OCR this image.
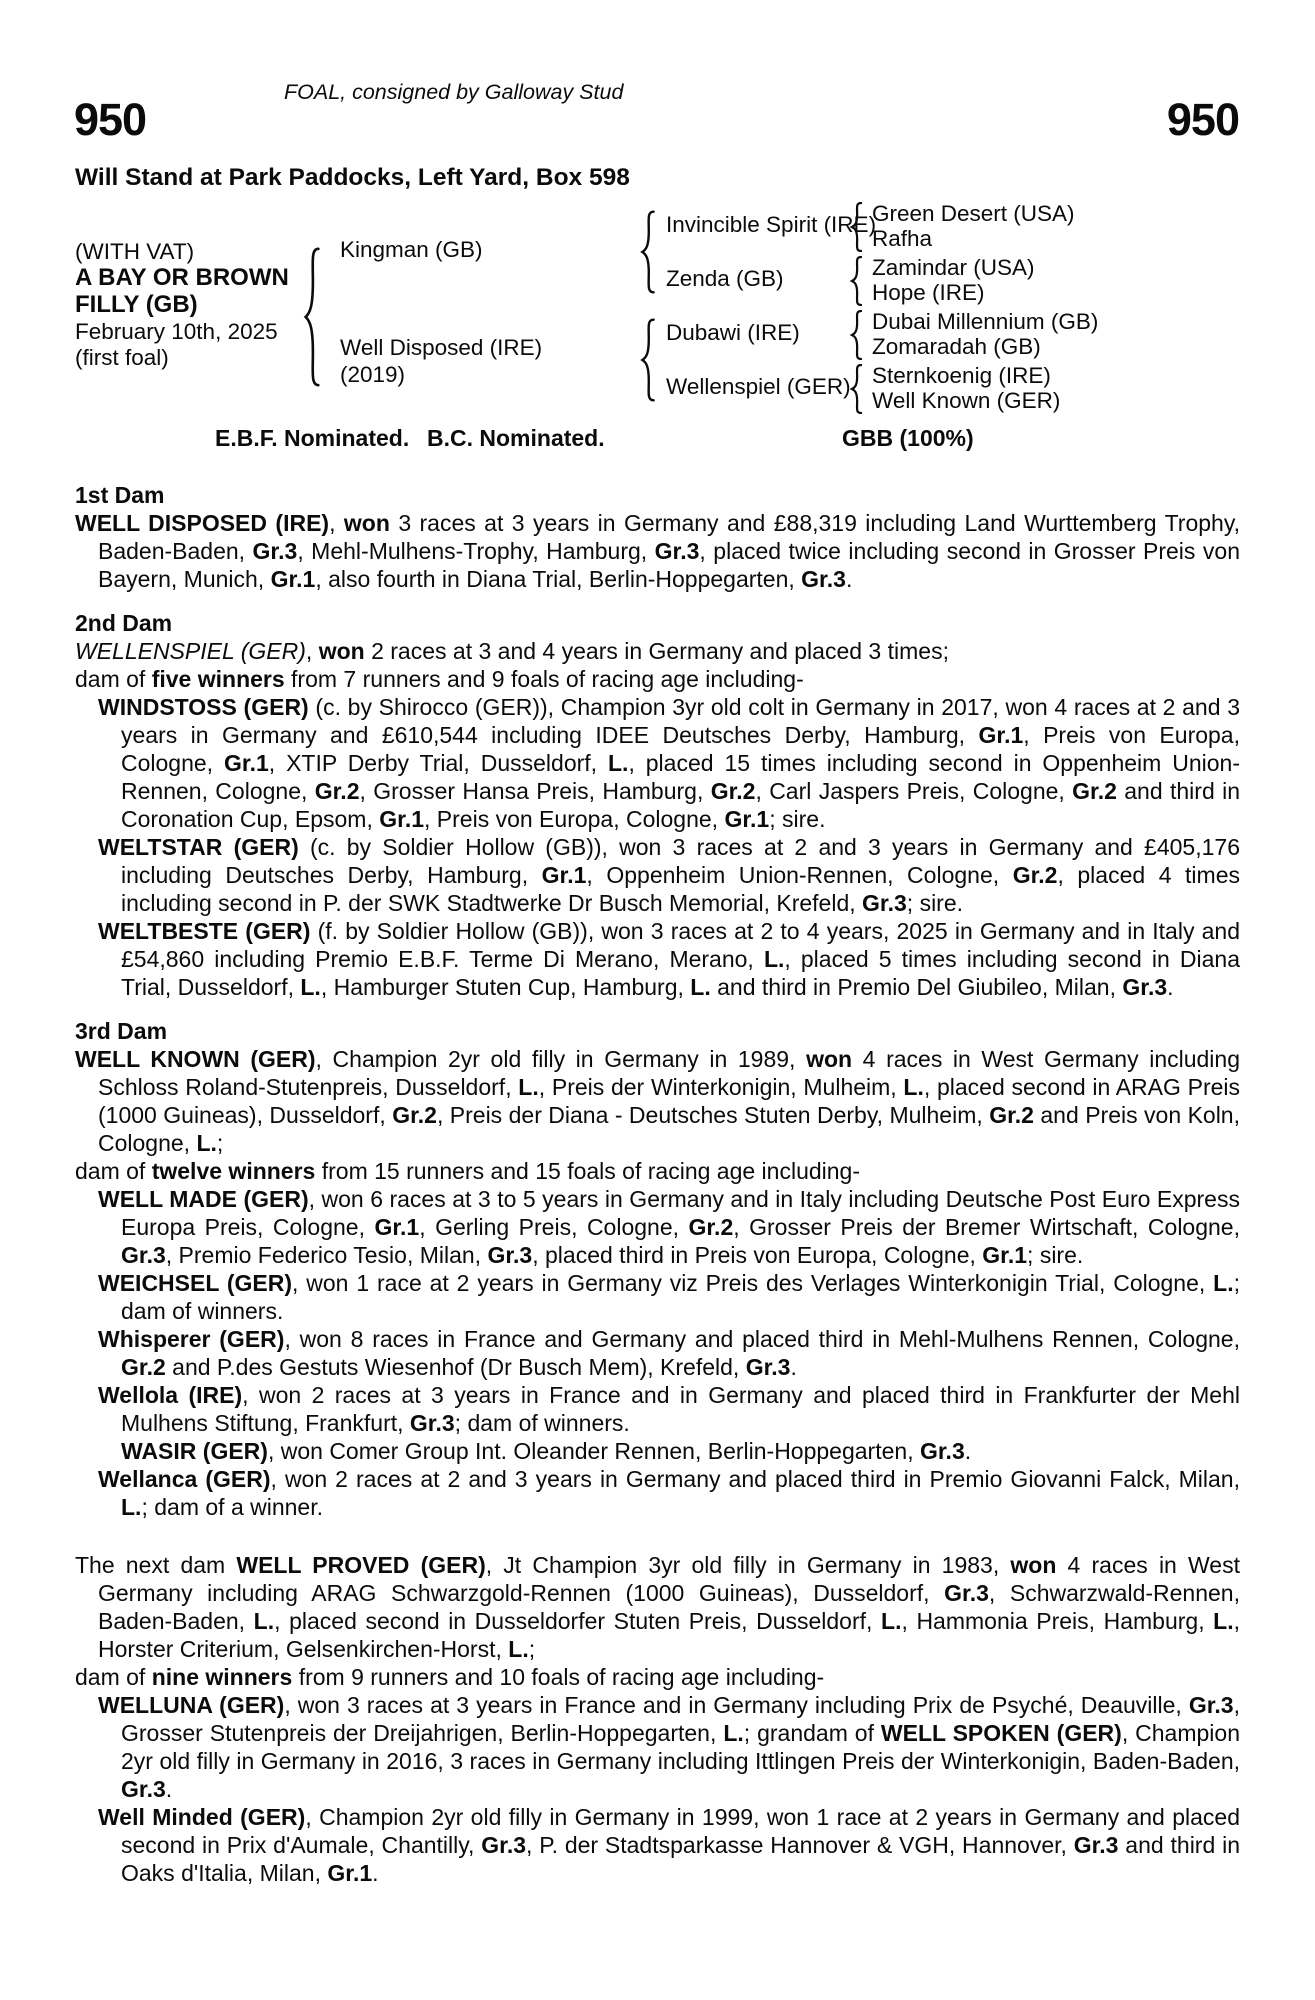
FOAL, consigned by Galloway Stud
950	950
Will Stand at Park Paddocks, Left Yard, Box 598
(WITH VAT)
A BAY OR BROWN FILLY (GB)
February 10th, 2025
(first foal)
Kingman (GB)
Well Disposed (IRE)
(2019)
Invincible Spirit (IRE)
Zenda (GB)
Dubawi (IRE)
Wellenspiel (GER)
Green Desert (USA)
Rafha
Zamindar (USA)
Hope (IRE)
Dubai Millennium (GB)
Zomaradah (GB)
Sternkoenig (IRE)
Well Known (GER)
E.B.F. Nominated. B.C. Nominated.	GBB (100%)
1st Dam

WELL DISPOSED (IRE), won 3 races at 3 years in Germany and £88,319 including Land Wurttemberg Trophy, Baden-Baden, Gr.3, Mehl-Mulhens-Trophy, Hamburg, Gr.3, placed twice including second in Grosser Preis von Bayern, Munich, Gr.1, also fourth in Diana Trial, Berlin-Hoppegarten, Gr.3.

2nd Dam

WELLENSPIEL (GER), won 2 races at 3 and 4 years in Germany and placed 3 times;

dam of five winners from 7 runners and 9 foals of racing age including-

WINDSTOSS (GER) (c. by Shirocco (GER)), Champion 3yr old colt in Germany in 2017, won 4 races at 2 and 3 years in Germany and £610,544 including IDEE Deutsches Derby, Hamburg, Gr.1, Preis von Europa, Cologne, Gr.1, XTIP Derby Trial, Dusseldorf, L., placed 15 times including second in Oppenheim Union-Rennen, Cologne, Gr.2, Grosser Hansa Preis, Hamburg, Gr.2, Carl Jaspers Preis, Cologne, Gr.2 and third in Coronation Cup, Epsom, Gr.1, Preis von Europa, Cologne, Gr.1; sire.

WELTSTAR (GER) (c. by Soldier Hollow (GB)), won 3 races at 2 and 3 years in Germany and £405,176 including Deutsches Derby, Hamburg, Gr.1, Oppenheim Union-Rennen, Cologne, Gr.2, placed 4 times including second in P. der SWK Stadtwerke Dr Busch Memorial, Krefeld, Gr.3; sire.

WELTBESTE (GER) (f. by Soldier Hollow (GB)), won 3 races at 2 to 4 years, 2025 in Germany and in Italy and £54,860 including Premio E.B.F. Terme Di Merano, Merano, L., placed 5 times including second in Diana Trial, Dusseldorf, L., Hamburger Stuten Cup, Hamburg, L. and third in Premio Del Giubileo, Milan, Gr.3.

3rd Dam

WELL KNOWN (GER), Champion 2yr old filly in Germany in 1989, won 4 races in West Germany including Schloss Roland-Stutenpreis, Dusseldorf, L., Preis der Winterkonigin, Mulheim, L., placed second in ARAG Preis (1000 Guineas), Dusseldorf, Gr.2, Preis der Diana - Deutsches Stuten Derby, Mulheim, Gr.2 and Preis von Koln, Cologne, L.;

dam of twelve winners from 15 runners and 15 foals of racing age including-

WELL MADE (GER), won 6 races at 3 to 5 years in Germany and in Italy including Deutsche Post Euro Express Europa Preis, Cologne, Gr.1, Gerling Preis, Cologne, Gr.2, Grosser Preis der Bremer Wirtschaft, Cologne, Gr.3, Premio Federico Tesio, Milan, Gr.3, placed third in Preis von Europa, Cologne, Gr.1; sire.

WEICHSEL (GER), won 1 race at 2 years in Germany viz Preis des Verlages Winterkonigin Trial, Cologne, L.; dam of winners.

Whisperer (GER), won 8 races in France and Germany and placed third in Mehl-Mulhens Rennen, Cologne, Gr.2 and P.des Gestuts Wiesenhof (Dr Busch Mem), Krefeld, Gr.3.

Wellola (IRE), won 2 races at 3 years in France and in Germany and placed third in Frankfurter der Mehl Mulhens Stiftung, Frankfurt, Gr.3; dam of winners.

WASIR (GER), won Comer Group Int. Oleander Rennen, Berlin-Hoppegarten, Gr.3.

Wellanca (GER), won 2 races at 2 and 3 years in Germany and placed third in Premio Giovanni Falck, Milan, L.; dam of a winner.

The next dam WELL PROVED (GER), Jt Champion 3yr old filly in Germany in 1983, won 4 races in West Germany including ARAG Schwarzgold-Rennen (1000 Guineas), Dusseldorf, Gr.3, Schwarzwald-Rennen, Baden-Baden, L., placed second in Dusseldorfer Stuten Preis, Dusseldorf, L., Hammonia Preis, Hamburg, L., Horster Criterium, Gelsenkirchen-Horst, L.;

dam of nine winners from 9 runners and 10 foals of racing age including-

WELLUNA (GER), won 3 races at 3 years in France and in Germany including Prix de Psyché, Deauville, Gr.3, Grosser Stutenpreis der Dreijahrigen, Berlin-Hoppegarten, L.; grandam of WELL SPOKEN (GER), Champion 2yr old filly in Germany in 2016, 3 races in Germany including Ittlingen Preis der Winterkonigin, Baden-Baden, Gr.3.

Well Minded (GER), Champion 2yr old filly in Germany in 1999, won 1 race at 2 years in Germany and placed second in Prix d'Aumale, Chantilly, Gr.3, P. der Stadtsparkasse Hannover & VGH, Hannover, Gr.3 and third in Oaks d'Italia, Milan, Gr.1.
